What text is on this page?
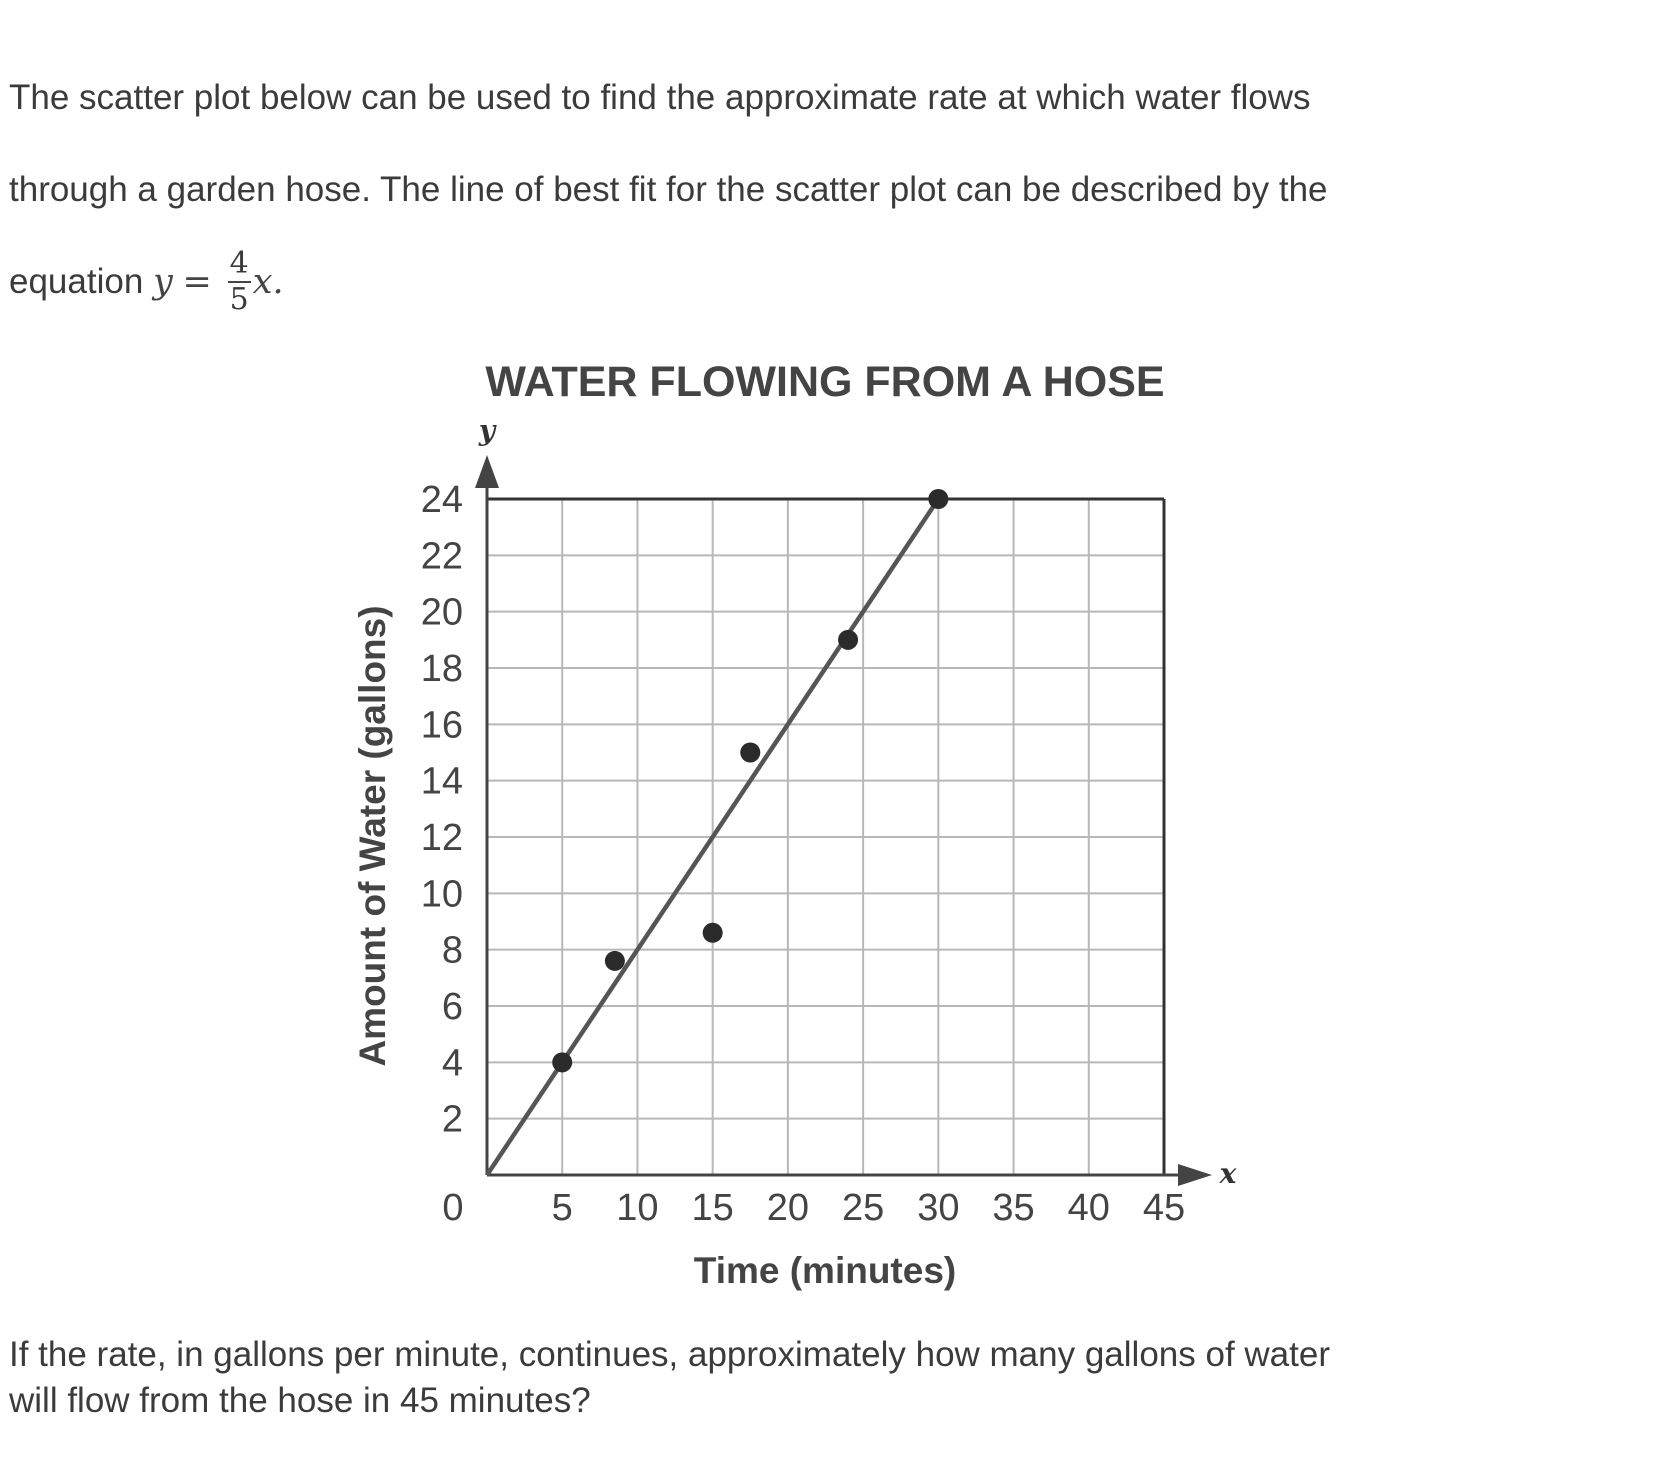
The scatter plot below can be used to find the approximate rate at which water flows
through a garden hose. The line of best fit for the scatter plot can be described by the
equation $y = \frac{4}{5} x$.
WATER FLOWING FROM A HOSE
y
x
Time (minutes)
Amount of Water (gallons)
0 5 10 15 20 25 30 35 40 45
2
4
6
8
10
12
14
16
18
20
22
24
If the rate, in gallons per minute, continues, approximately how many gallons of water
will flow from the hose in 45 minutes?
